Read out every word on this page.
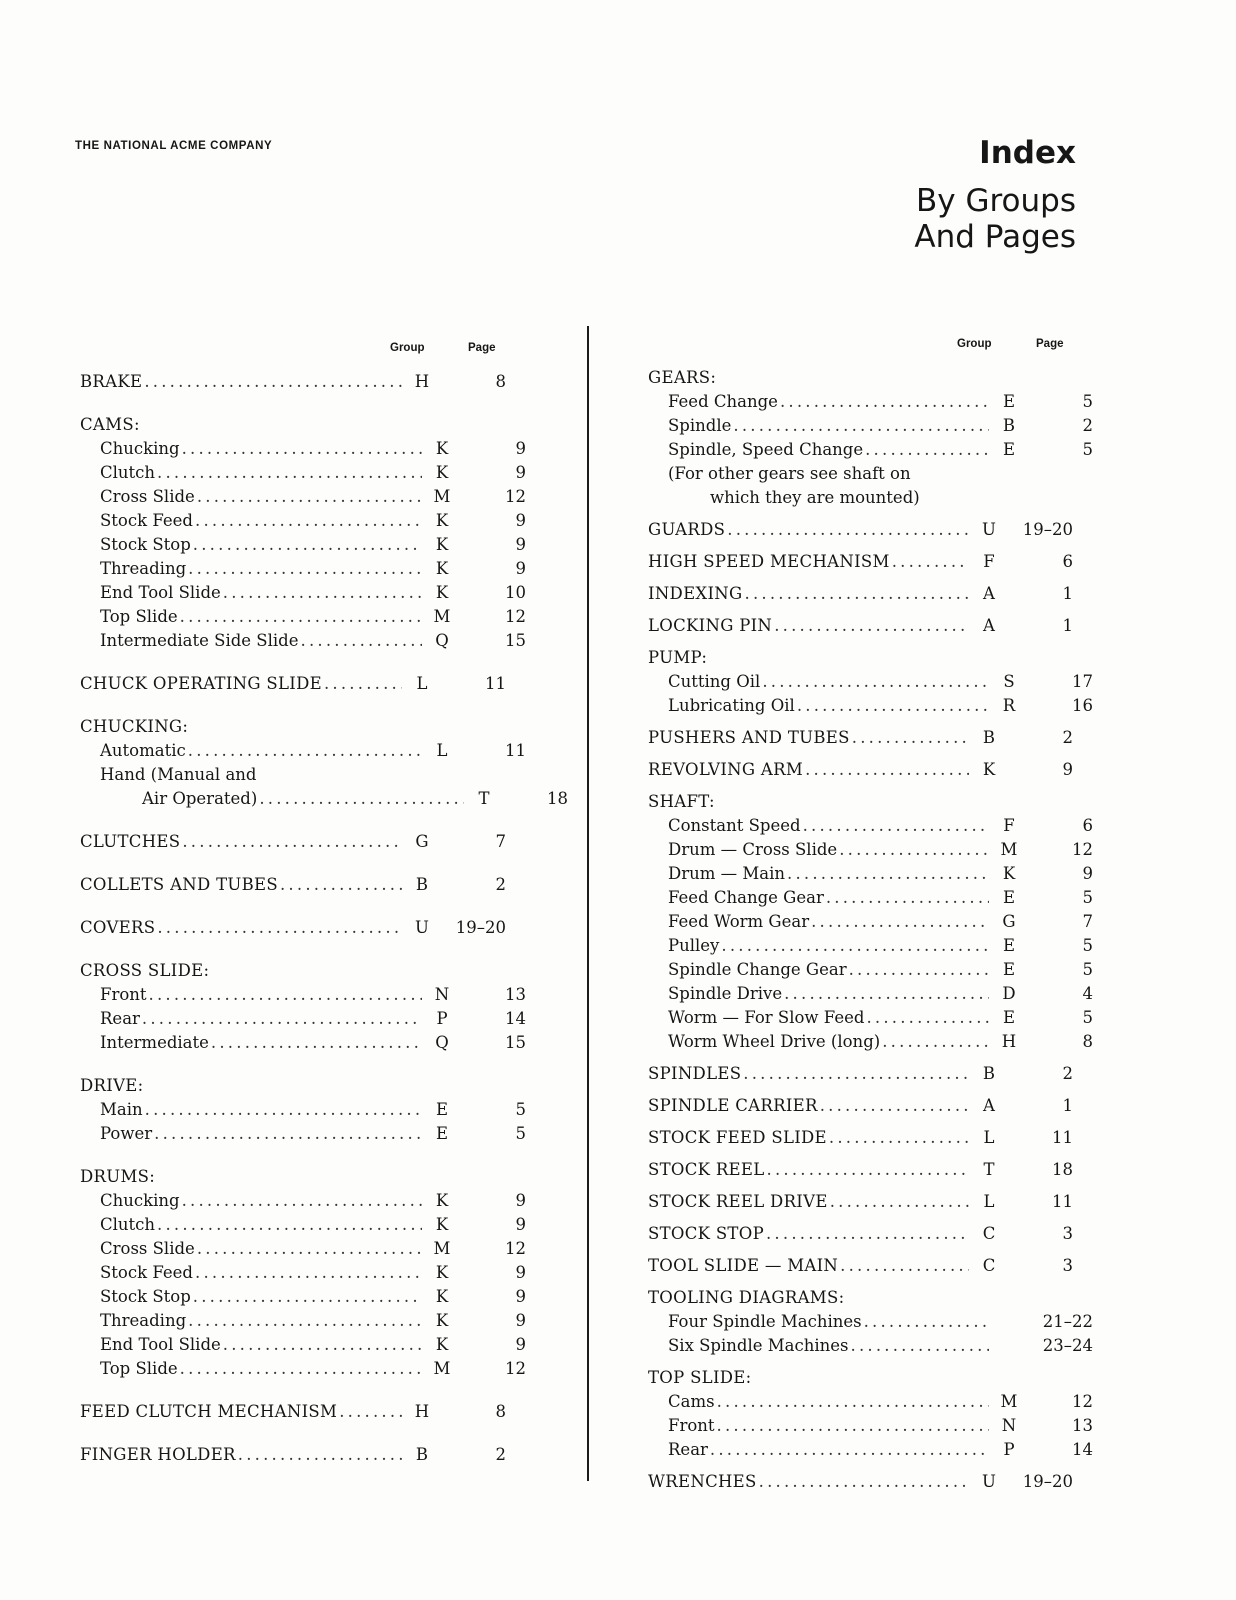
THE NATIONAL ACME COMPANY	Index
By Groups
And Pages
Group	Page
BRAKE .....	H	8
CAMS:
Chucking .....	K	9
Clutch .....	K	9
Cross Slide .....	M	12
Stock Feed .....	K	9
Stock Stop .....	K	9
Threading .....	K	9
End Tool Slide .....	K	10
Top Slide .....	M	12
Intermediate Side Slide .....	Q	15
CHUCK OPERATING SLIDE .....	L	11
CHUCKING:
Automatic .....	L	11
Hand (Manual and
Air Operated) .....	T	18
CLUTCHES .....	G	7
COLLETS AND TUBES .....	B	2
COVERS .....	U	19–20
CROSS SLIDE:
Front .....	N	13
Rear .....	P	14
Intermediate .....	Q	15
DRIVE:
Main .....	E	5
Power .....	E	5
DRUMS:
Chucking .....	K	9
Clutch .....	K	9
Cross Slide .....	M	12
Stock Feed .....	K	9
Stock Stop .....	K	9
Threading .....	K	9
End Tool Slide .....	K	9
Top Slide .....	M	12
FEED CLUTCH MECHANISM .....	H	8
FINGER HOLDER .....	B	2
Group	Page
GEARS:
Feed Change .....	E	5
Spindle .....	B	2
Spindle, Speed Change .....	E	5
(For other gears see shaft on
which they are mounted)
GUARDS .....	U	19–20
HIGH SPEED MECHANISM .....	F	6
INDEXING .....	A	1
LOCKING PIN .....	A	1
PUMP:
Cutting Oil .....	S	17
Lubricating Oil .....	R	16
PUSHERS AND TUBES .....	B	2
REVOLVING ARM .....	K	9
SHAFT:
Constant Speed .....	F	6
Drum — Cross Slide .....	M	12
Drum — Main .....	K	9
Feed Change Gear .....	E	5
Feed Worm Gear .....	G	7
Pulley .....	E	5
Spindle Change Gear .....	E	5
Spindle Drive .....	D	4
Worm — For Slow Feed .....	E	5
Worm Wheel Drive (long) .....	H	8
SPINDLES .....	B	2
SPINDLE CARRIER .....	A	1
STOCK FEED SLIDE .....	L	11
STOCK REEL .....	T	18
STOCK REEL DRIVE .....	L	11
STOCK STOP .....	C	3
TOOL SLIDE — MAIN .....	C	3
TOOLING DIAGRAMS:
Four Spindle Machines .....	21–22
Six Spindle Machines .....	23–24
TOP SLIDE:
Cams .....	M	12
Front .....	N	13
Rear .....	P	14
WRENCHES .....	U	19–20
